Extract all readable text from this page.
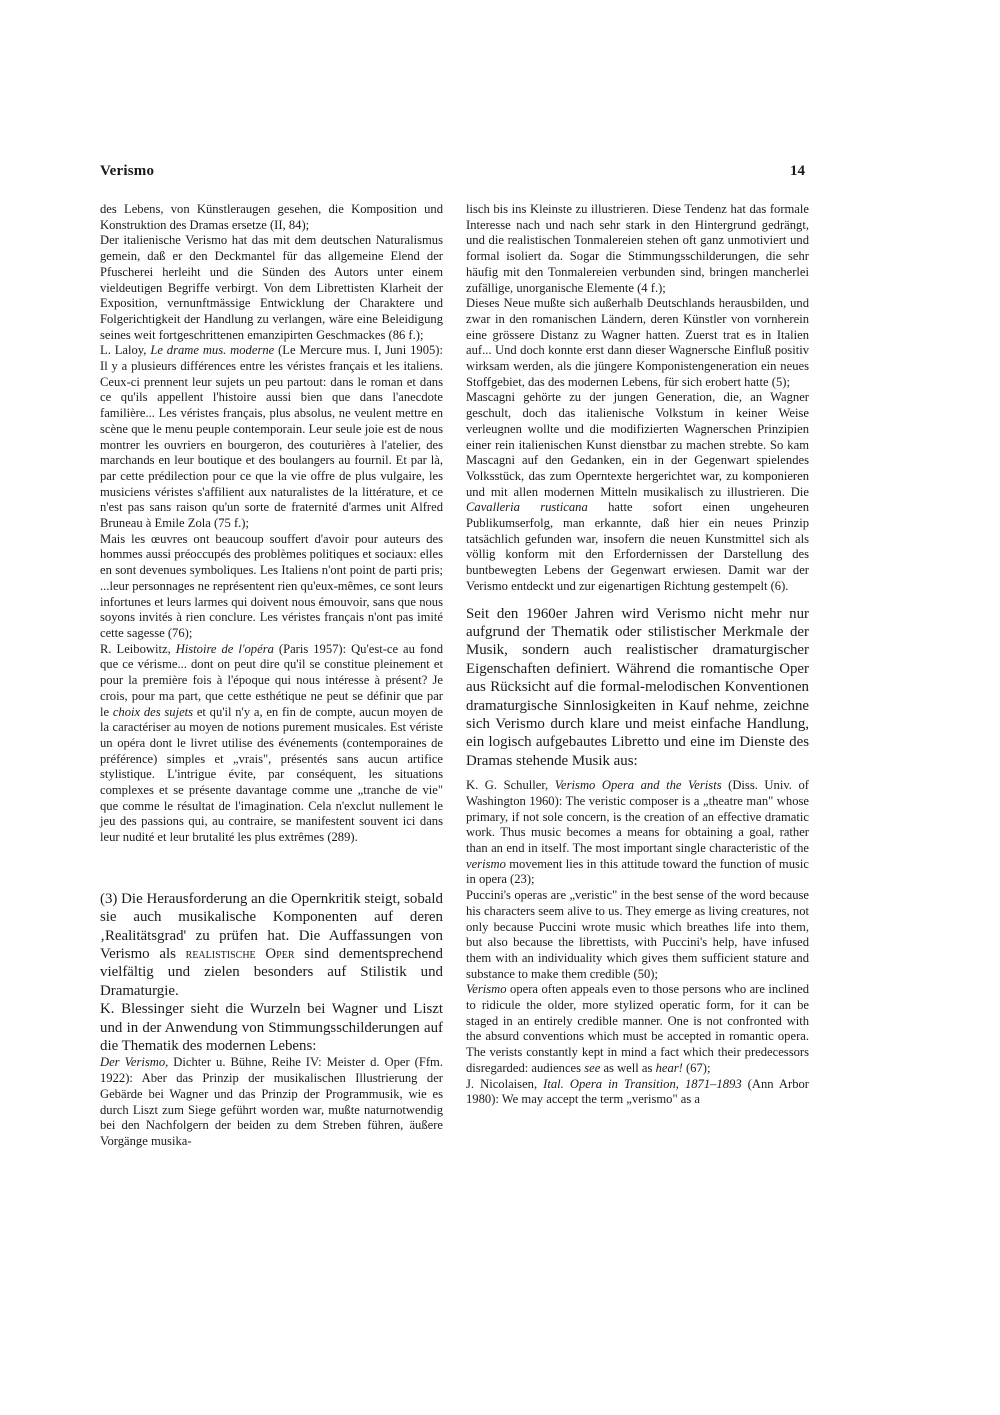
Verismo	14

des Lebens, von Künstleraugen gesehen, die Komposition und Konstruktion des Dramas ersetze (II, 84);

Der italienische Verismo hat das mit dem deutschen Naturalismus gemein, daß er den Deckmantel für das allgemeine Elend der Pfuscherei herleiht und die Sünden des Autors unter einem vieldeutigen Begriffe verbirgt. Von dem Librettisten Klarheit der Exposition, vernunftmässige Entwicklung der Charaktere und Folgerichtigkeit der Handlung zu verlangen, wäre eine Beleidigung seines weit fortgeschrittenen emanzipirten Geschmackes (86 f.);

L. Laloy, Le drame mus. moderne (Le Mercure mus. I, Juni 1905): Il y a plusieurs différences entre les véristes français et les italiens. Ceux-ci prennent leur sujets un peu partout: dans le roman et dans ce qu'ils appellent l'histoire aussi bien que dans l'anecdote familière... Les véristes français, plus absolus, ne veulent mettre en scène que le menu peuple contemporain. Leur seule joie est de nous montrer les ouvriers en bourgeron, des couturières à l'atelier, des marchands en leur boutique et des boulangers au fournil. Et par là, par cette prédilection pour ce que la vie offre de plus vulgaire, les musiciens véristes s'affilient aux naturalistes de la littérature, et ce n'est pas sans raison qu'un sorte de fraternité d'armes unit Alfred Bruneau à Emile Zola (75 f.);

Mais les œuvres ont beaucoup souffert d'avoir pour auteurs des hommes aussi préoccupés des problèmes politiques et sociaux: elles en sont devenues symboliques. Les Italiens n'ont point de parti pris; ...leur personnages ne représentent rien qu'eux-mêmes, ce sont leurs infortunes et leurs larmes qui doivent nous émouvoir, sans que nous soyons invités à rien conclure. Les véristes français n'ont pas imité cette sagesse (76);

R. Leibowitz, Histoire de l'opéra (Paris 1957): Qu'est-ce au fond que ce vérisme... dont on peut dire qu'il se constitue pleinement et pour la première fois à l'époque qui nous intéresse à présent? Je crois, pour ma part, que cette esthétique ne peut se définir que par le choix des sujets et qu'il n'y a, en fin de compte, aucun moyen de la caractériser au moyen de notions purement musicales. Est vériste un opéra dont le livret utilise des événements (contemporaines de préférence) simples et „vrais", présentés sans aucun artifice stylistique. L'intrigue évite, par conséquent, les situations complexes et se présente davantage comme une „tranche de vie" que comme le résultat de l'imagination. Cela n'exclut nullement le jeu des passions qui, au contraire, se manifestent souvent ici dans leur nudité et leur brutalité les plus extrêmes (289).

(3) Die Herausforderung an die Opernkritik steigt, sobald sie auch musikalische Komponenten auf deren ‚Realitätsgrad' zu prüfen hat. Die Auffassungen von Verismo als realistische Oper sind dementsprechend vielfältig und zielen besonders auf Stilistik und Dramaturgie.

K. Blessinger sieht die Wurzeln bei Wagner und Liszt und in der Anwendung von Stimmungsschilderungen auf die Thematik des modernen Lebens:

Der Verismo, Dichter u. Bühne, Reihe IV: Meister d. Oper (Ffm. 1922): Aber das Prinzip der musikalischen Illustrierung der Gebärde bei Wagner und das Prinzip der Programmusik, wie es durch Liszt zum Siege geführt worden war, mußte naturnotwendig bei den Nachfolgern der beiden zu dem Streben führen, äußere Vorgänge musika-

lisch bis ins Kleinste zu illustrieren. Diese Tendenz hat das formale Interesse nach und nach sehr stark in den Hintergrund gedrängt, und die realistischen Tonmalereien stehen oft ganz unmotiviert und formal isoliert da. Sogar die Stimmungsschilderungen, die sehr häufig mit den Tonmalereien verbunden sind, bringen mancherlei zufällige, unorganische Elemente (4 f.);

Dieses Neue mußte sich außerhalb Deutschlands herausbilden, und zwar in den romanischen Ländern, deren Künstler von vornherein eine grössere Distanz zu Wagner hatten. Zuerst trat es in Italien auf... Und doch konnte erst dann dieser Wagnersche Einfluß positiv wirksam werden, als die jüngere Komponistengeneration ein neues Stoffgebiet, das des modernen Lebens, für sich erobert hatte (5);

Mascagni gehörte zu der jungen Generation, die, an Wagner geschult, doch das italienische Volkstum in keiner Weise verleugnen wollte und die modifizierten Wagnerschen Prinzipien einer rein italienischen Kunst dienstbar zu machen strebte. So kam Mascagni auf den Gedanken, ein in der Gegenwart spielendes Volksstück, das zum Operntexte hergerichtet war, zu komponieren und mit allen modernen Mitteln musikalisch zu illustrieren. Die Cavalleria rusticana hatte sofort einen ungeheuren Publikumserfolg, man erkannte, daß hier ein neues Prinzip tatsächlich gefunden war, insofern die neuen Kunstmittel sich als völlig konform mit den Erfordernissen der Darstellung des buntbewegten Lebens der Gegenwart erwiesen. Damit war der Verismo entdeckt und zur eigenartigen Richtung gestempelt (6).

Seit den 1960er Jahren wird Verismo nicht mehr nur aufgrund der Thematik oder stilistischer Merkmale der Musik, sondern auch realistischer dramaturgischer Eigenschaften definiert. Während die romantische Oper aus Rücksicht auf die formal-melodischen Konventionen dramaturgische Sinnlosigkeiten in Kauf nehme, zeichne sich Verismo durch klare und meist einfache Handlung, ein logisch aufgebautes Libretto und eine im Dienste des Dramas stehende Musik aus:

K. G. Schuller, Verismo Opera and the Verists (Diss. Univ. of Washington 1960): The veristic composer is a „theatre man" whose primary, if not sole concern, is the creation of an effective dramatic work. Thus music becomes a means for obtaining a goal, rather than an end in itself. The most important single characteristic of the verismo movement lies in this attitude toward the function of music in opera (23);

Puccini's operas are „veristic" in the best sense of the word because his characters seem alive to us. They emerge as living creatures, not only because Puccini wrote music which breathes life into them, but also because the librettists, with Puccini's help, have infused them with an individuality which gives them sufficient stature and substance to make them credible (50);

Verismo opera often appeals even to those persons who are inclined to ridicule the older, more stylized operatic form, for it can be staged in an entirely credible manner. One is not confronted with the absurd conventions which must be accepted in romantic opera. The verists constantly kept in mind a fact which their predecessors disregarded: audiences see as well as hear! (67);

J. Nicolaisen, Ital. Opera in Transition, 1871–1893 (Ann Arbor 1980): We may accept the term „verismo" as a
